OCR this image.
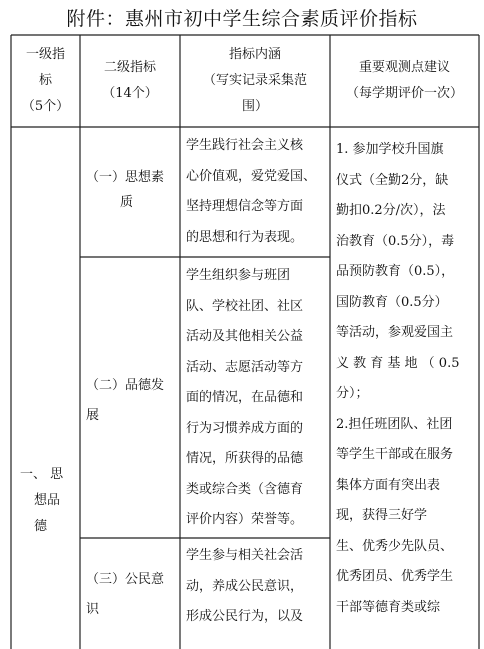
附件：惠州市初中学生综合素质评价指标
一级指
标
（5个）
二级指标
（14个）
指标内涵
（写实记录采集范
围）
重要观测点建议
（每学期评价一次）
一、 思
想品
德
（一）思想素
质
学生践行社会主义核
心价值观，爱党爱国、
坚持理想信念等方面
的思想和行为表现。
（二）品德发
展
学生组织参与班团
队、学校社团、社区
活动及其他相关公益
活动、志愿活动等方
面的情况，在品德和
行为习惯养成方面的
情况，所获得的品德
类或综合类（含德育
评价内容）荣誉等。
（三）公民意
识
学生参与相关社会活
动，养成公民意识，
形成公民行为，以及
1. 参加学校升国旗
仪式（全勤2分，缺
勤扣0.2分/次），法
治教育（0.5分），毒
品预防教育（0.5），
国防教育（0.5分）
等活动，参观爱国主
义 教 育 基 地 （ 0.5
分）；
2.担任班团队、社团
等学生干部或在服务
集体方面有突出表
现，获得三好学
生、优秀少先队员、
优秀团员、优秀学生
干部等德育类或综
